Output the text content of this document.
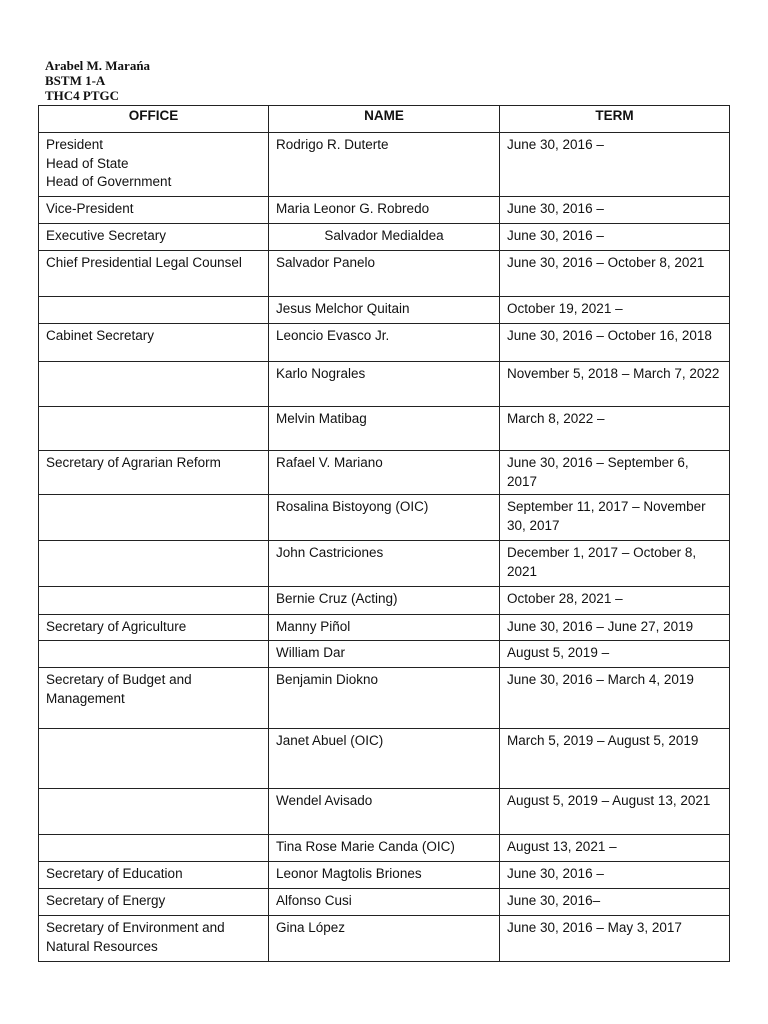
Arabel M. Marańa
BSTM 1-A
THC4 PTGC
OFFICE	NAME	TERM

President
Head of State
Head of Government	Rodrigo R. Duterte	June 30, 2016 –
Vice-President	Maria Leonor G. Robredo	June 30, 2016 –
Executive Secretary	Salvador Medialdea	June 30, 2016 –
Chief Presidential Legal Counsel	Salvador Panelo	June 30, 2016 – October 8, 2021
	Jesus Melchor Quitain	October 19, 2021 –
Cabinet Secretary	Leoncio Evasco Jr.	June 30, 2016 – October 16, 2018
	Karlo Nograles	November 5, 2018 – March 7, 2022
	Melvin Matibag	March 8, 2022 –
Secretary of Agrarian Reform	Rafael V. Mariano	June 30, 2016 – September 6, 2017
	Rosalina Bistoyong (OIC)	September 11, 2017 – November 30, 2017
	John Castriciones	December 1, 2017 – October 8, 2021
	Bernie Cruz (Acting)	October 28, 2021 –
Secretary of Agriculture	Manny Piñol	June 30, 2016 – June 27, 2019
	William Dar	August 5, 2019 –
Secretary of Budget and Management	Benjamin Diokno	June 30, 2016 – March 4, 2019
	Janet Abuel (OIC)	March 5, 2019 – August 5, 2019
	Wendel Avisado	August 5, 2019 – August 13, 2021
	Tina Rose Marie Canda (OIC)	August 13, 2021 –
Secretary of Education	Leonor Magtolis Briones	June 30, 2016 –
Secretary of Energy	Alfonso Cusi	June 30, 2016–
Secretary of Environment and Natural Resources	Gina López	June 30, 2016 – May 3, 2017
